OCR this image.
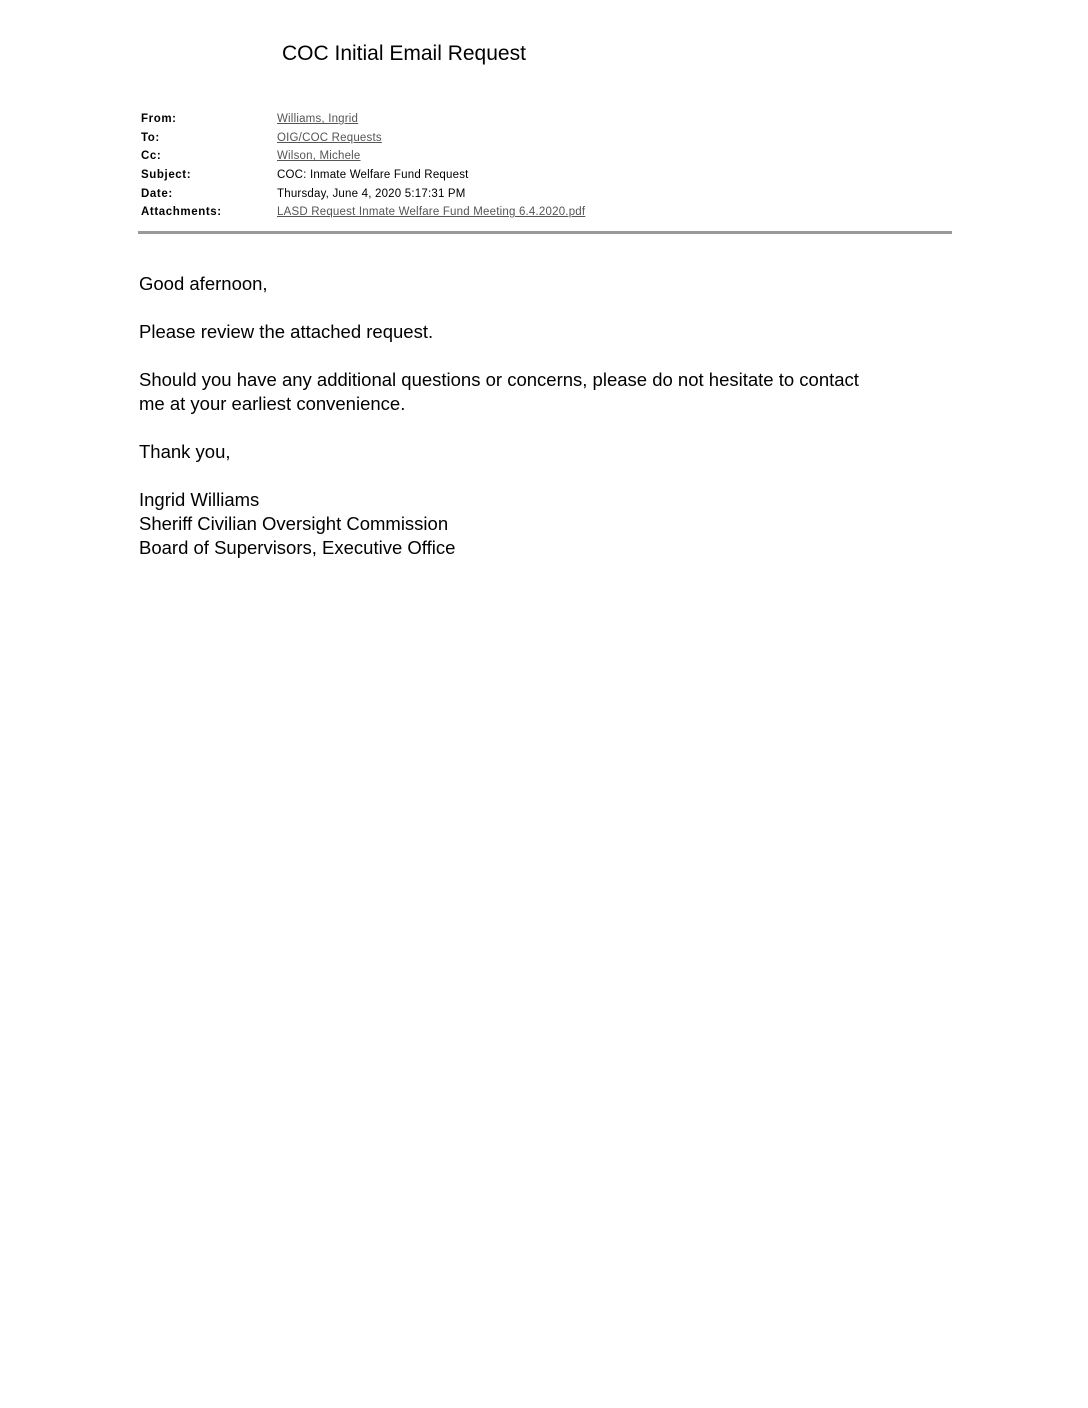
COC Initial Email Request
From:	Williams, Ingrid
To:	OIG/COC Requests
Cc:	Wilson, Michele
Subject:	COC: Inmate Welfare Fund Request
Date:	Thursday, June 4, 2020 5:17:31 PM
Attachments:	LASD Request Inmate Welfare Fund Meeting 6.4.2020.pdf

Good afernoon,

Please review the attached request.

Should you have any additional questions or concerns, please do not hesitate to contact
me at your earliest convenience.

Thank you,

Ingrid Williams
Sheriff Civilian Oversight Commission
Board of Supervisors, Executive Office
